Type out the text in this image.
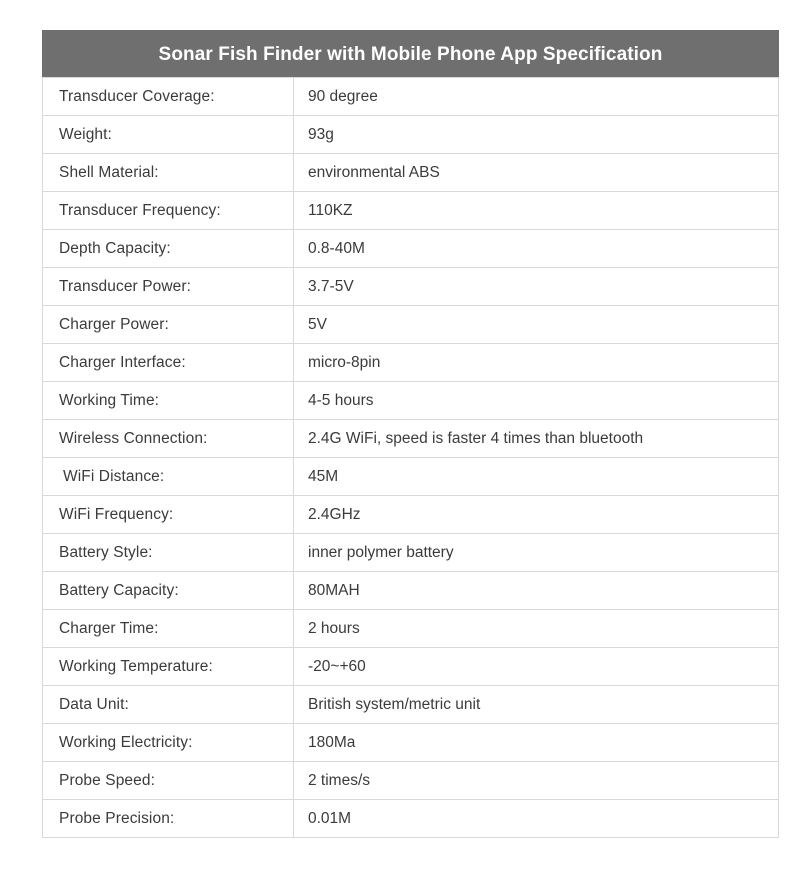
Sonar Fish Finder with Mobile Phone App Specification
Transducer Coverage:	90 degree
Weight:	93g
Shell Material:	environmental ABS
Transducer Frequency:	110KZ
Depth Capacity:	0.8-40M
Transducer Power:	3.7-5V
Charger Power:	5V
Charger Interface:	micro-8pin
Working Time:	4-5 hours
Wireless Connection:	2.4G WiFi, speed is faster 4 times than bluetooth
WiFi Distance:	45M
WiFi Frequency:	2.4GHz
Battery Style:	inner polymer battery
Battery Capacity:	80MAH
Charger Time:	2 hours
Working Temperature:	-20~+60
Data Unit:	British system/metric unit
Working Electricity:	180Ma
Probe Speed:	2 times/s
Probe Precision:	0.01M
